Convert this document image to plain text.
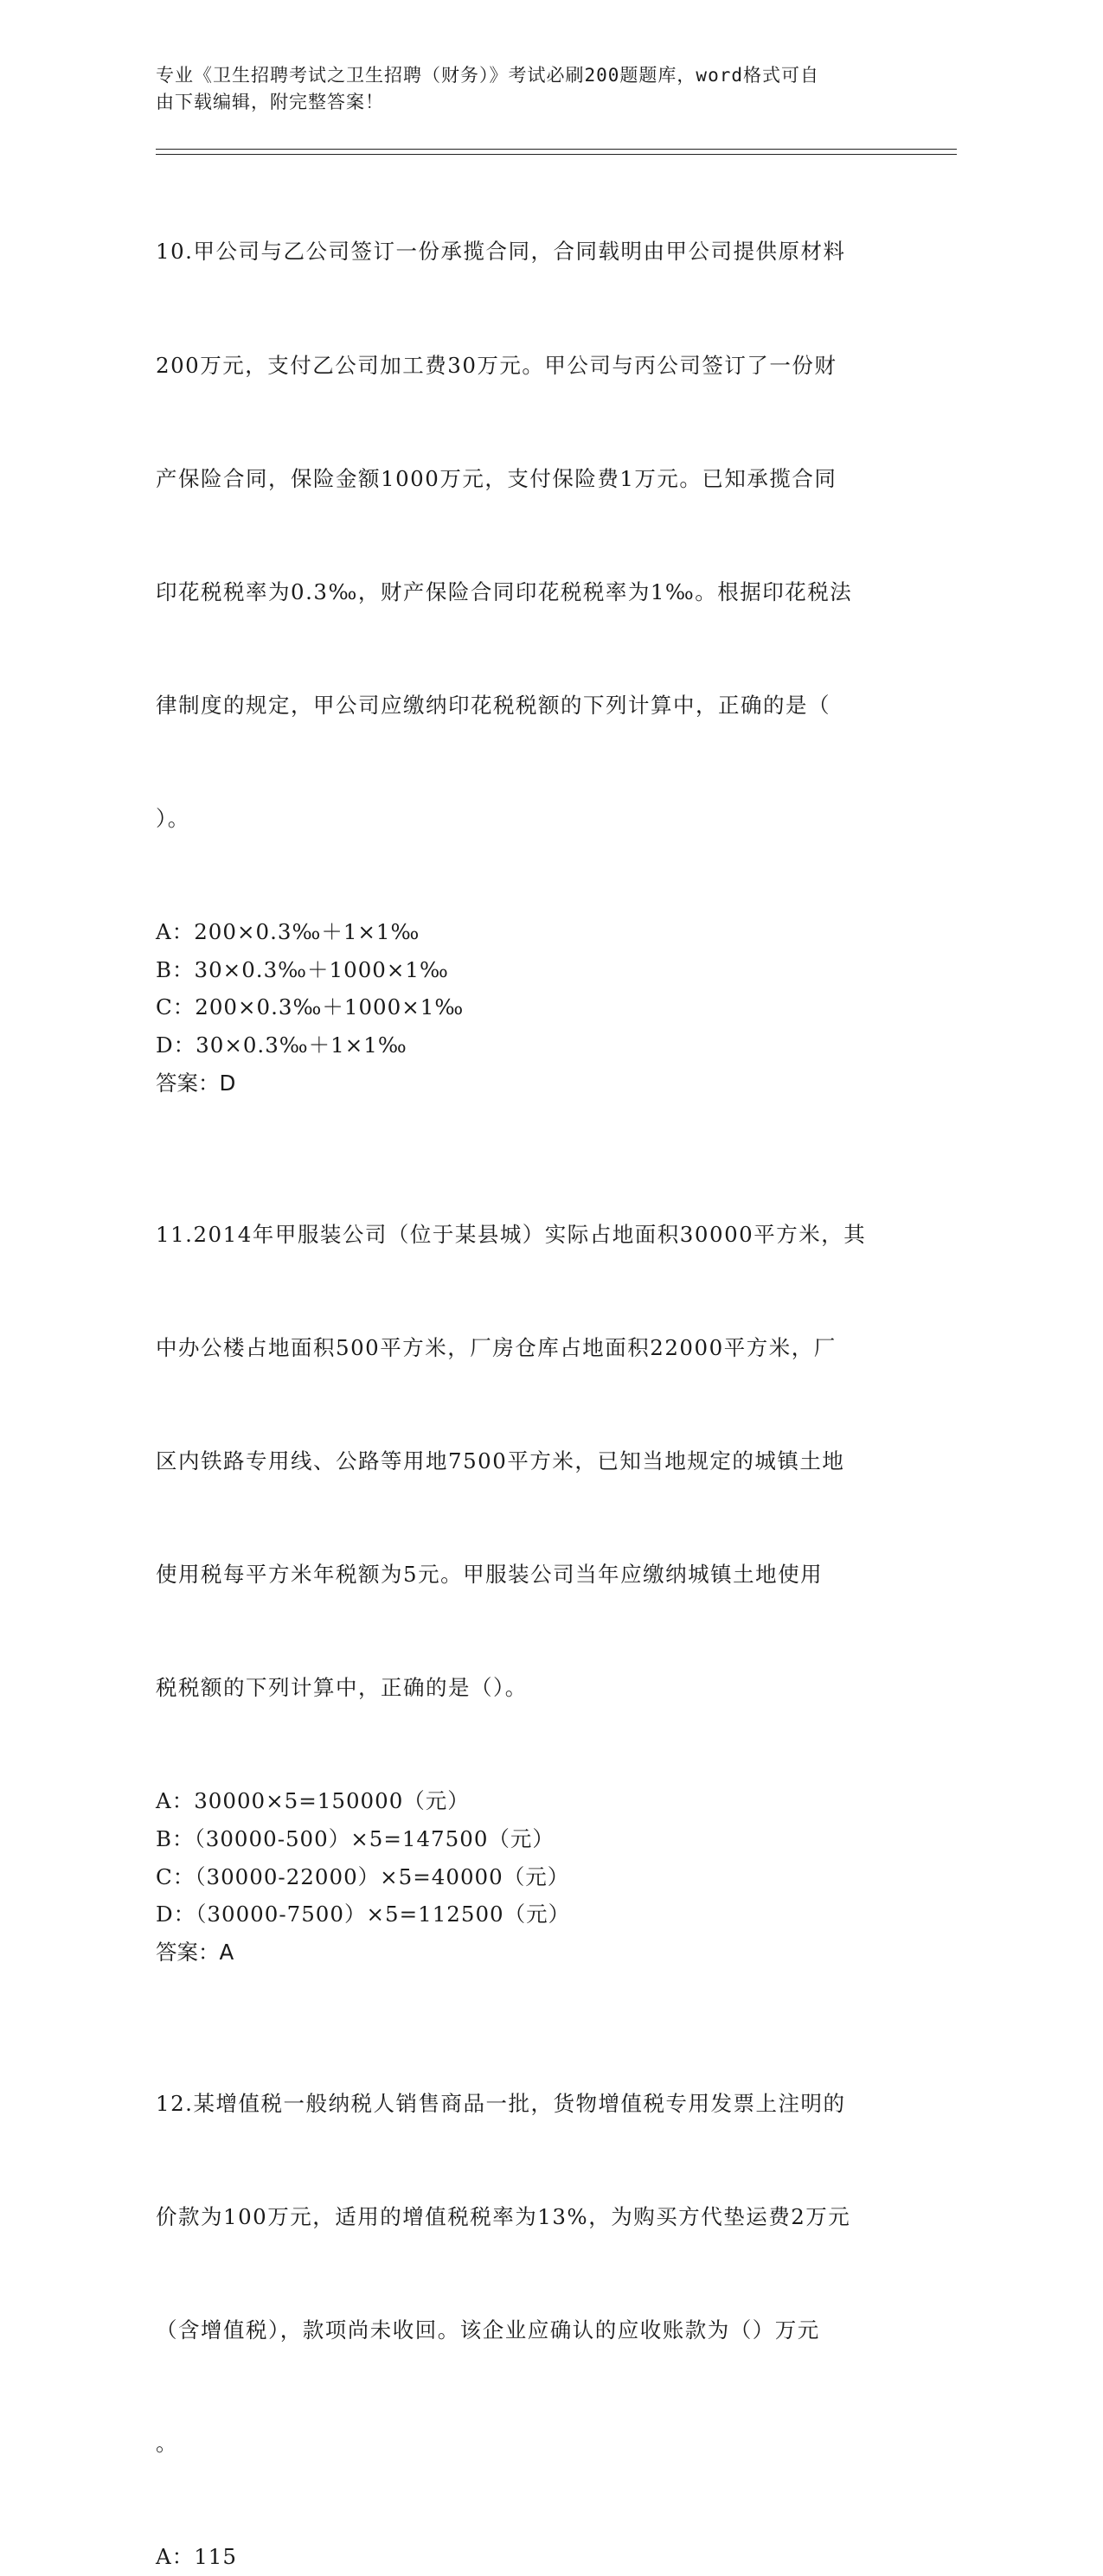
专业《卫生招聘考试之卫生招聘（财务）》考试必刷200题题库，word格式可自
由下载编辑，附完整答案！

10.甲公司与乙公司签订一份承揽合同，合同载明由甲公司提供原材料

200万元，支付乙公司加工费30万元。甲公司与丙公司签订了一份财

产保险合同，保险金额1000万元，支付保险费1万元。已知承揽合同

印花税税率为0.3‰，财产保险合同印花税税率为1‰。根据印花税法

律制度的规定，甲公司应缴纳印花税税额的下列计算中，正确的是（

）。

A：200×0.3‰＋1×1‰
B：30×0.3‰＋1000×1‰
C：200×0.3‰＋1000×1‰
D：30×0.3‰＋1×1‰
答案：D

11.2014年甲服装公司（位于某县城）实际占地面积30000平方米，其

中办公楼占地面积500平方米，厂房仓库占地面积22000平方米，厂

区内铁路专用线、公路等用地7500平方米，已知当地规定的城镇土地

使用税每平方米年税额为5元。甲服装公司当年应缴纳城镇土地使用

税税额的下列计算中，正确的是（）。

A：30000×5=150000（元）
B：（30000-500）×5=147500（元）
C：（30000-22000）×5=40000（元）
D：（30000-7500）×5=112500（元）
答案：A

12.某增值税一般纳税人销售商品一批，货物增值税专用发票上注明的

价款为100万元，适用的增值税税率为13%，为购买方代垫运费2万元

（含增值税），款项尚未收回。该企业应确认的应收账款为（）万元

。

A：115
